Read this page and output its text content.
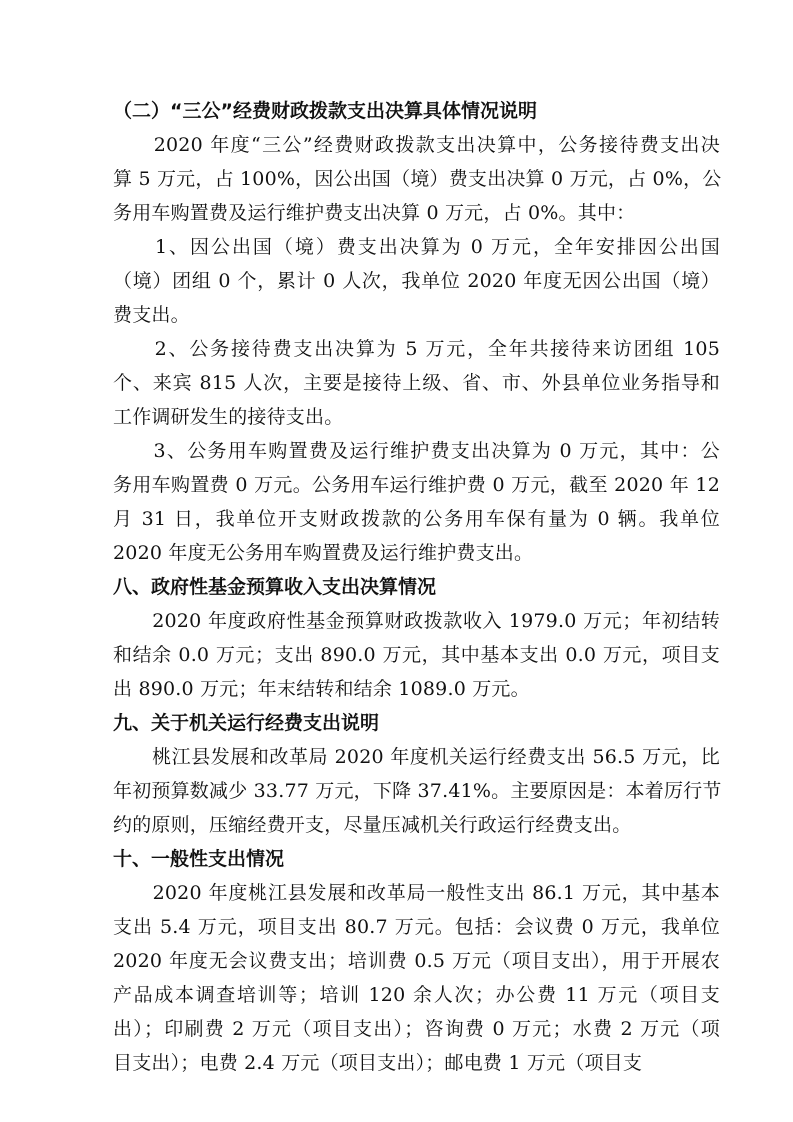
（二）“三公”经费财政拨款支出决算具体情况说明
　　2020 年度“三公”经费财政拨款支出决算中，公务接待费支出决
算 5 万元，占 100%，因公出国（境）费支出决算 0 万元，占 0%，公
务用车购置费及运行维护费支出决算 0 万元，占 0%。其中：
　　1、因公出国（境）费支出决算为 0 万元，全年安排因公出国
（境）团组 0 个，累计 0 人次，我单位 2020 年度无因公出国（境）
费支出。
　　2、公务接待费支出决算为 5 万元，全年共接待来访团组 105
个、来宾 815 人次，主要是接待上级、省、市、外县单位业务指导和
工作调研发生的接待支出。
　　3、公务用车购置费及运行维护费支出决算为 0 万元，其中：公
务用车购置费 0 万元。公务用车运行维护费 0 万元，截至 2020 年 12
月 31 日，我单位开支财政拨款的公务用车保有量为 0 辆。我单位
2020 年度无公务用车购置费及运行维护费支出。
八、政府性基金预算收入支出决算情况
　　2020 年度政府性基金预算财政拨款收入 1979.0 万元；年初结转
和结余 0.0 万元；支出 890.0 万元，其中基本支出 0.0 万元，项目支
出 890.0 万元；年末结转和结余 1089.0 万元。
九、关于机关运行经费支出说明
　　桃江县发展和改革局 2020 年度机关运行经费支出 56.5 万元，比
年初预算数减少 33.77 万元，下降 37.41%。主要原因是：本着厉行节
约的原则，压缩经费开支，尽量压减机关行政运行经费支出。
十、一般性支出情况
　　2020 年度桃江县发展和改革局一般性支出 86.1 万元，其中基本
支出 5.4 万元，项目支出 80.7 万元。包括：会议费 0 万元，我单位
2020 年度无会议费支出；培训费 0.5 万元（项目支出），用于开展农
产品成本调查培训等；培训 120 余人次；办公费 11 万元（项目支
出）；印刷费 2 万元（项目支出）；咨询费 0 万元；水费 2 万元（项
目支出）；电费 2.4 万元（项目支出）；邮电费 1 万元（项目支
